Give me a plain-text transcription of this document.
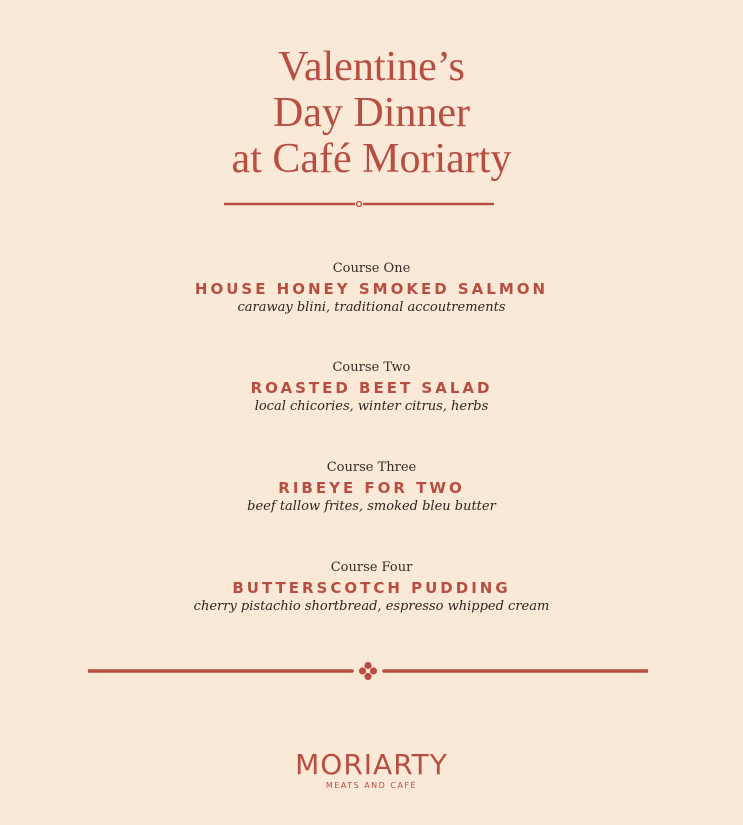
Valentine’s
Day Dinner
at Café Moriarty
Course One
HOUSE HONEY SMOKED SALMON
caraway blini, traditional accoutrements
Course Two
ROASTED BEET SALAD
local chicories, winter citrus, herbs
Course Three
RIBEYE FOR TWO
beef tallow frites, smoked bleu butter
Course Four
BUTTERSCOTCH PUDDING
cherry pistachio shortbread, espresso whipped cream
MORIARTY
MEATS AND CAFÉ
